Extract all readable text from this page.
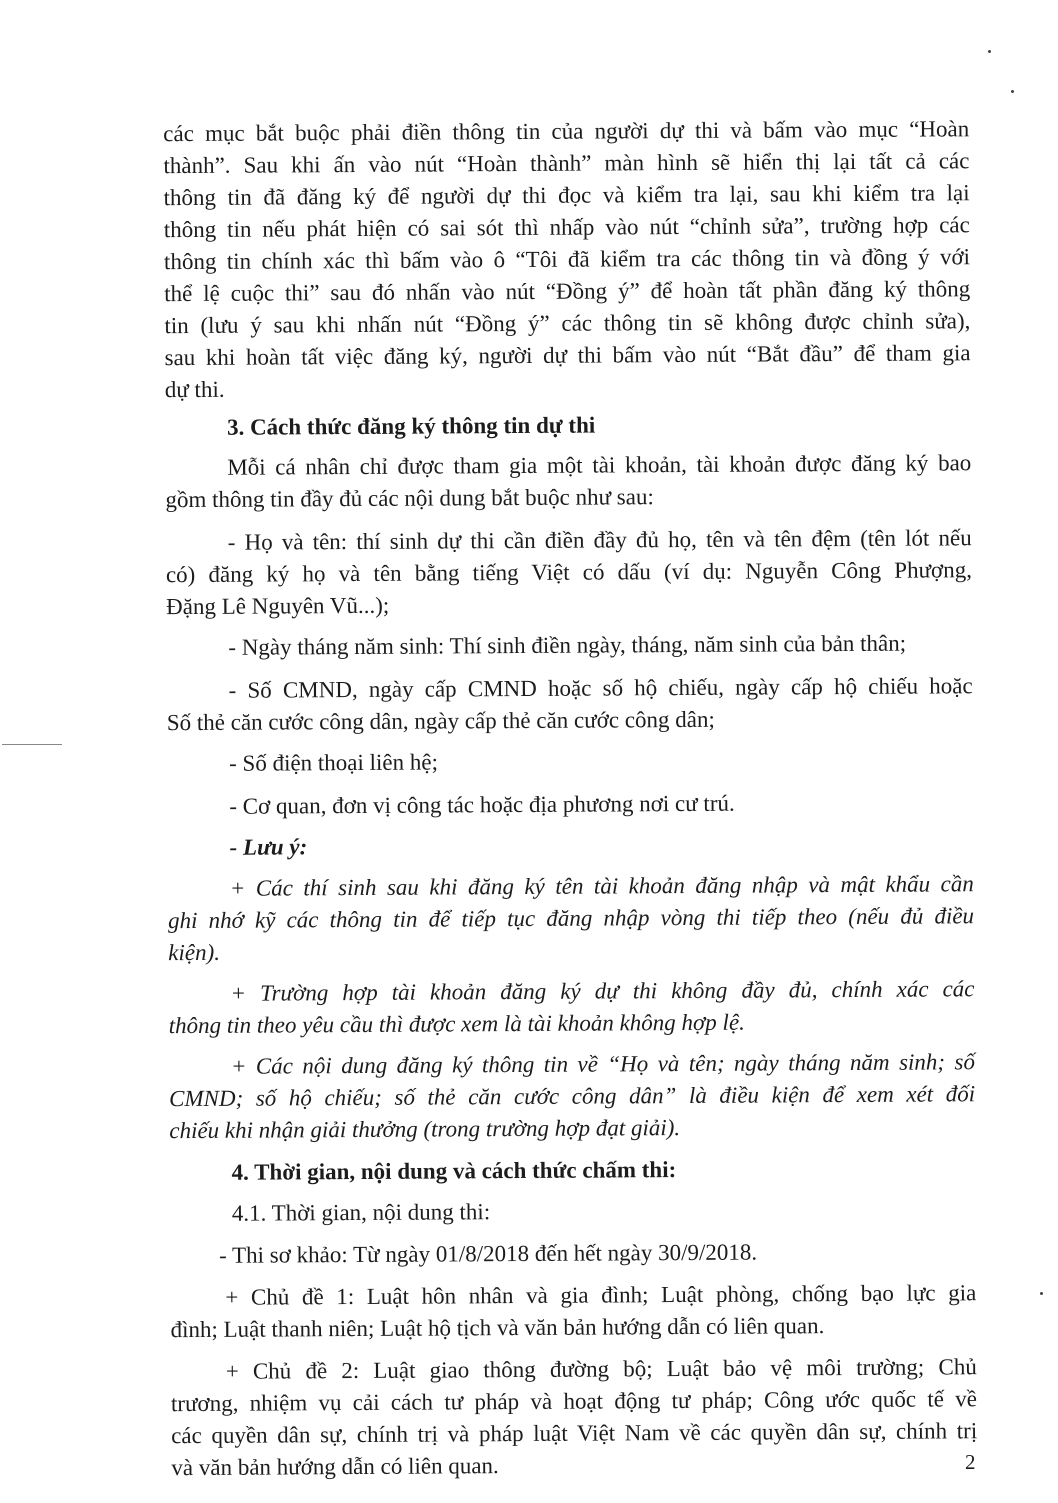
các mục bắt buộc phải điền thông tin của người dự thi và bấm vào mục “Hoàn
thành”. Sau khi ấn vào nút “Hoàn thành” màn hình sẽ hiển thị lại tất cả các
thông tin đã đăng ký để người dự thi đọc và kiểm tra lại, sau khi kiểm tra lại
thông tin nếu phát hiện có sai sót thì nhấp vào nút “chỉnh sửa”, trường hợp các
thông tin chính xác thì bấm vào ô “Tôi đã kiểm tra các thông tin và đồng ý với
thể lệ cuộc thi” sau đó nhấn vào nút “Đồng ý” để hoàn tất phần đăng ký thông
tin (lưu ý sau khi nhấn nút “Đồng ý” các thông tin sẽ không được chỉnh sửa),
sau khi hoàn tất việc đăng ký, người dự thi bấm vào nút “Bắt đầu” để tham gia
dự thi.
3. Cách thức đăng ký thông tin dự thi
Mỗi cá nhân chỉ được tham gia một tài khoản, tài khoản được đăng ký bao
gồm thông tin đầy đủ các nội dung bắt buộc như sau:
- Họ và tên: thí sinh dự thi cần điền đầy đủ họ, tên và tên đệm (tên lót nếu
có) đăng ký họ và tên bằng tiếng Việt có dấu (ví dụ: Nguyễn Công Phượng,
Đặng Lê Nguyên Vũ...);
- Ngày tháng năm sinh: Thí sinh điền ngày, tháng, năm sinh của bản thân;
- Số CMND, ngày cấp CMND hoặc số hộ chiếu, ngày cấp hộ chiếu hoặc
Số thẻ căn cước công dân, ngày cấp thẻ căn cước công dân;
- Số điện thoại liên hệ;
- Cơ quan, đơn vị công tác hoặc địa phương nơi cư trú.
- Lưu ý:
+ Các thí sinh sau khi đăng ký tên tài khoản đăng nhập và mật khẩu cần
ghi nhớ kỹ các thông tin để tiếp tục đăng nhập vòng thi tiếp theo (nếu đủ điều
kiện).
+ Trường hợp tài khoản đăng ký dự thi không đầy đủ, chính xác các
thông tin theo yêu cầu thì được xem là tài khoản không hợp lệ.
+ Các nội dung đăng ký thông tin về “Họ và tên; ngày tháng năm sinh; số
CMND; số hộ chiếu; số thẻ căn cước công dân” là điều kiện để xem xét đối
chiếu khi nhận giải thưởng (trong trường hợp đạt giải).
4. Thời gian, nội dung và cách thức chấm thi:
4.1. Thời gian, nội dung thi:
- Thi sơ khảo: Từ ngày 01/8/2018 đến hết ngày 30/9/2018.
+ Chủ đề 1: Luật hôn nhân và gia đình; Luật phòng, chống bạo lực gia
đình; Luật thanh niên; Luật hộ tịch và văn bản hướng dẫn có liên quan.
+ Chủ đề 2: Luật giao thông đường bộ; Luật bảo vệ môi trường; Chủ
trương, nhiệm vụ cải cách tư pháp và hoạt động tư pháp; Công ước quốc tế về
các quyền dân sự, chính trị và pháp luật Việt Nam về các quyền dân sự, chính trị
và văn bản hướng dẫn có liên quan.	2
